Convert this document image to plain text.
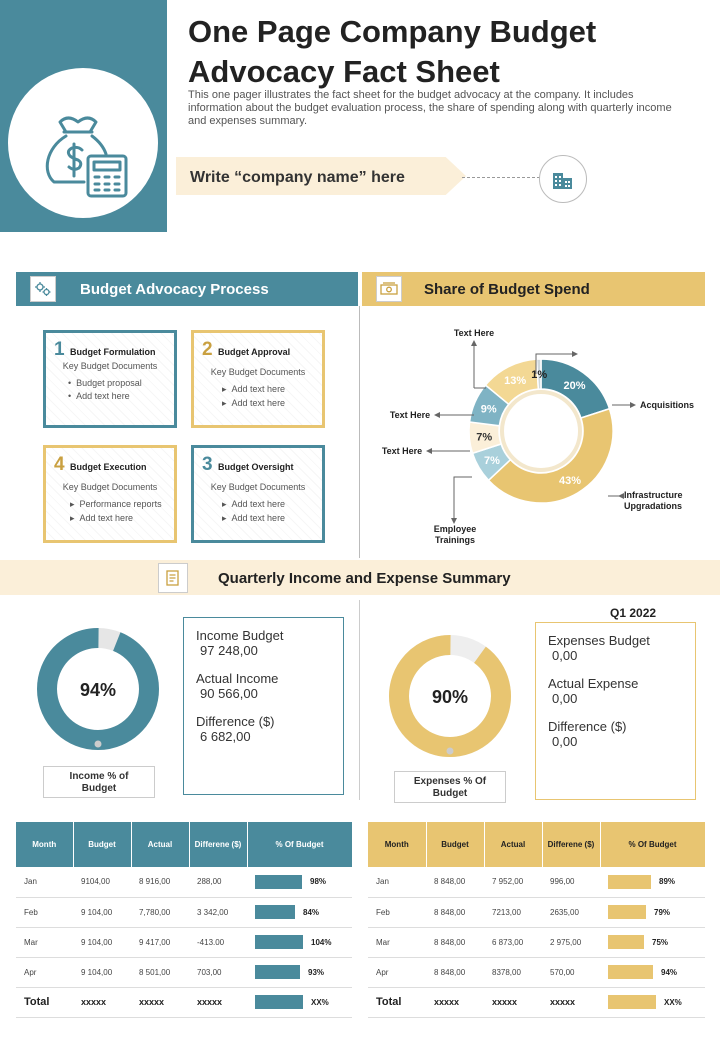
One Page Company Budget
Advocacy Fact Sheet
This one pager illustrates the fact sheet for the budget advocacy at the company. It includes information about the budget evaluation process, the share of spending along with quarterly income and expenses summary.
Write “company name” here
Budget Advocacy Process	Share of Budget Spend
1 Budget Formulation
Key Budget Documents
•  Budget proposal
•  Add text here
2 Budget Approval
Key Budget Documents
▸  Add text here
▸  Add text here
4 Budget Execution
Key Budget Documents
▸  Performance reports
▸  Add text here
3 Budget Oversight
Key Budget Documents
▸  Add text here
▸  Add text here
20%
43%
7%
7%
9%
13%
1%
Text Here
Text Here
Text Here
Acquisitions
Infrastructure Upgradations
Employee Trainings
Quarterly Income and Expense Summary
Q1 2022
94%
Income % of Budget
Income Budget
97 248,00
Actual Income
90 566,00
Difference ($)
6 682,00
90%
Expenses % Of Budget
Expenses Budget
0,00
Actual Expense
0,00
Difference ($)
0,00
Month	Budget	Actual	Differene ($)	% Of Budget
Jan	9104,00	8 916,00	288,00	98%
Feb	9 104,00	7,780,00	3 342,00	84%
Mar	9 104,00	9 417,00	-413.00	104%
Apr	9 104,00	8 501,00	703,00	93%
Total	xxxxx	xxxxx	xxxxx	XX%
Month	Budget	Actual	Differene ($)	% Of Budget
Jan	8 848,00	7 952,00	996,00	89%
Feb	8 848,00	7213,00	2635,00	79%
Mar	8 848,00	6 873,00	2 975,00	75%
Apr	8 848,00	8378,00	570,00	94%
Total	xxxxx	xxxxx	xxxxx	XX%
